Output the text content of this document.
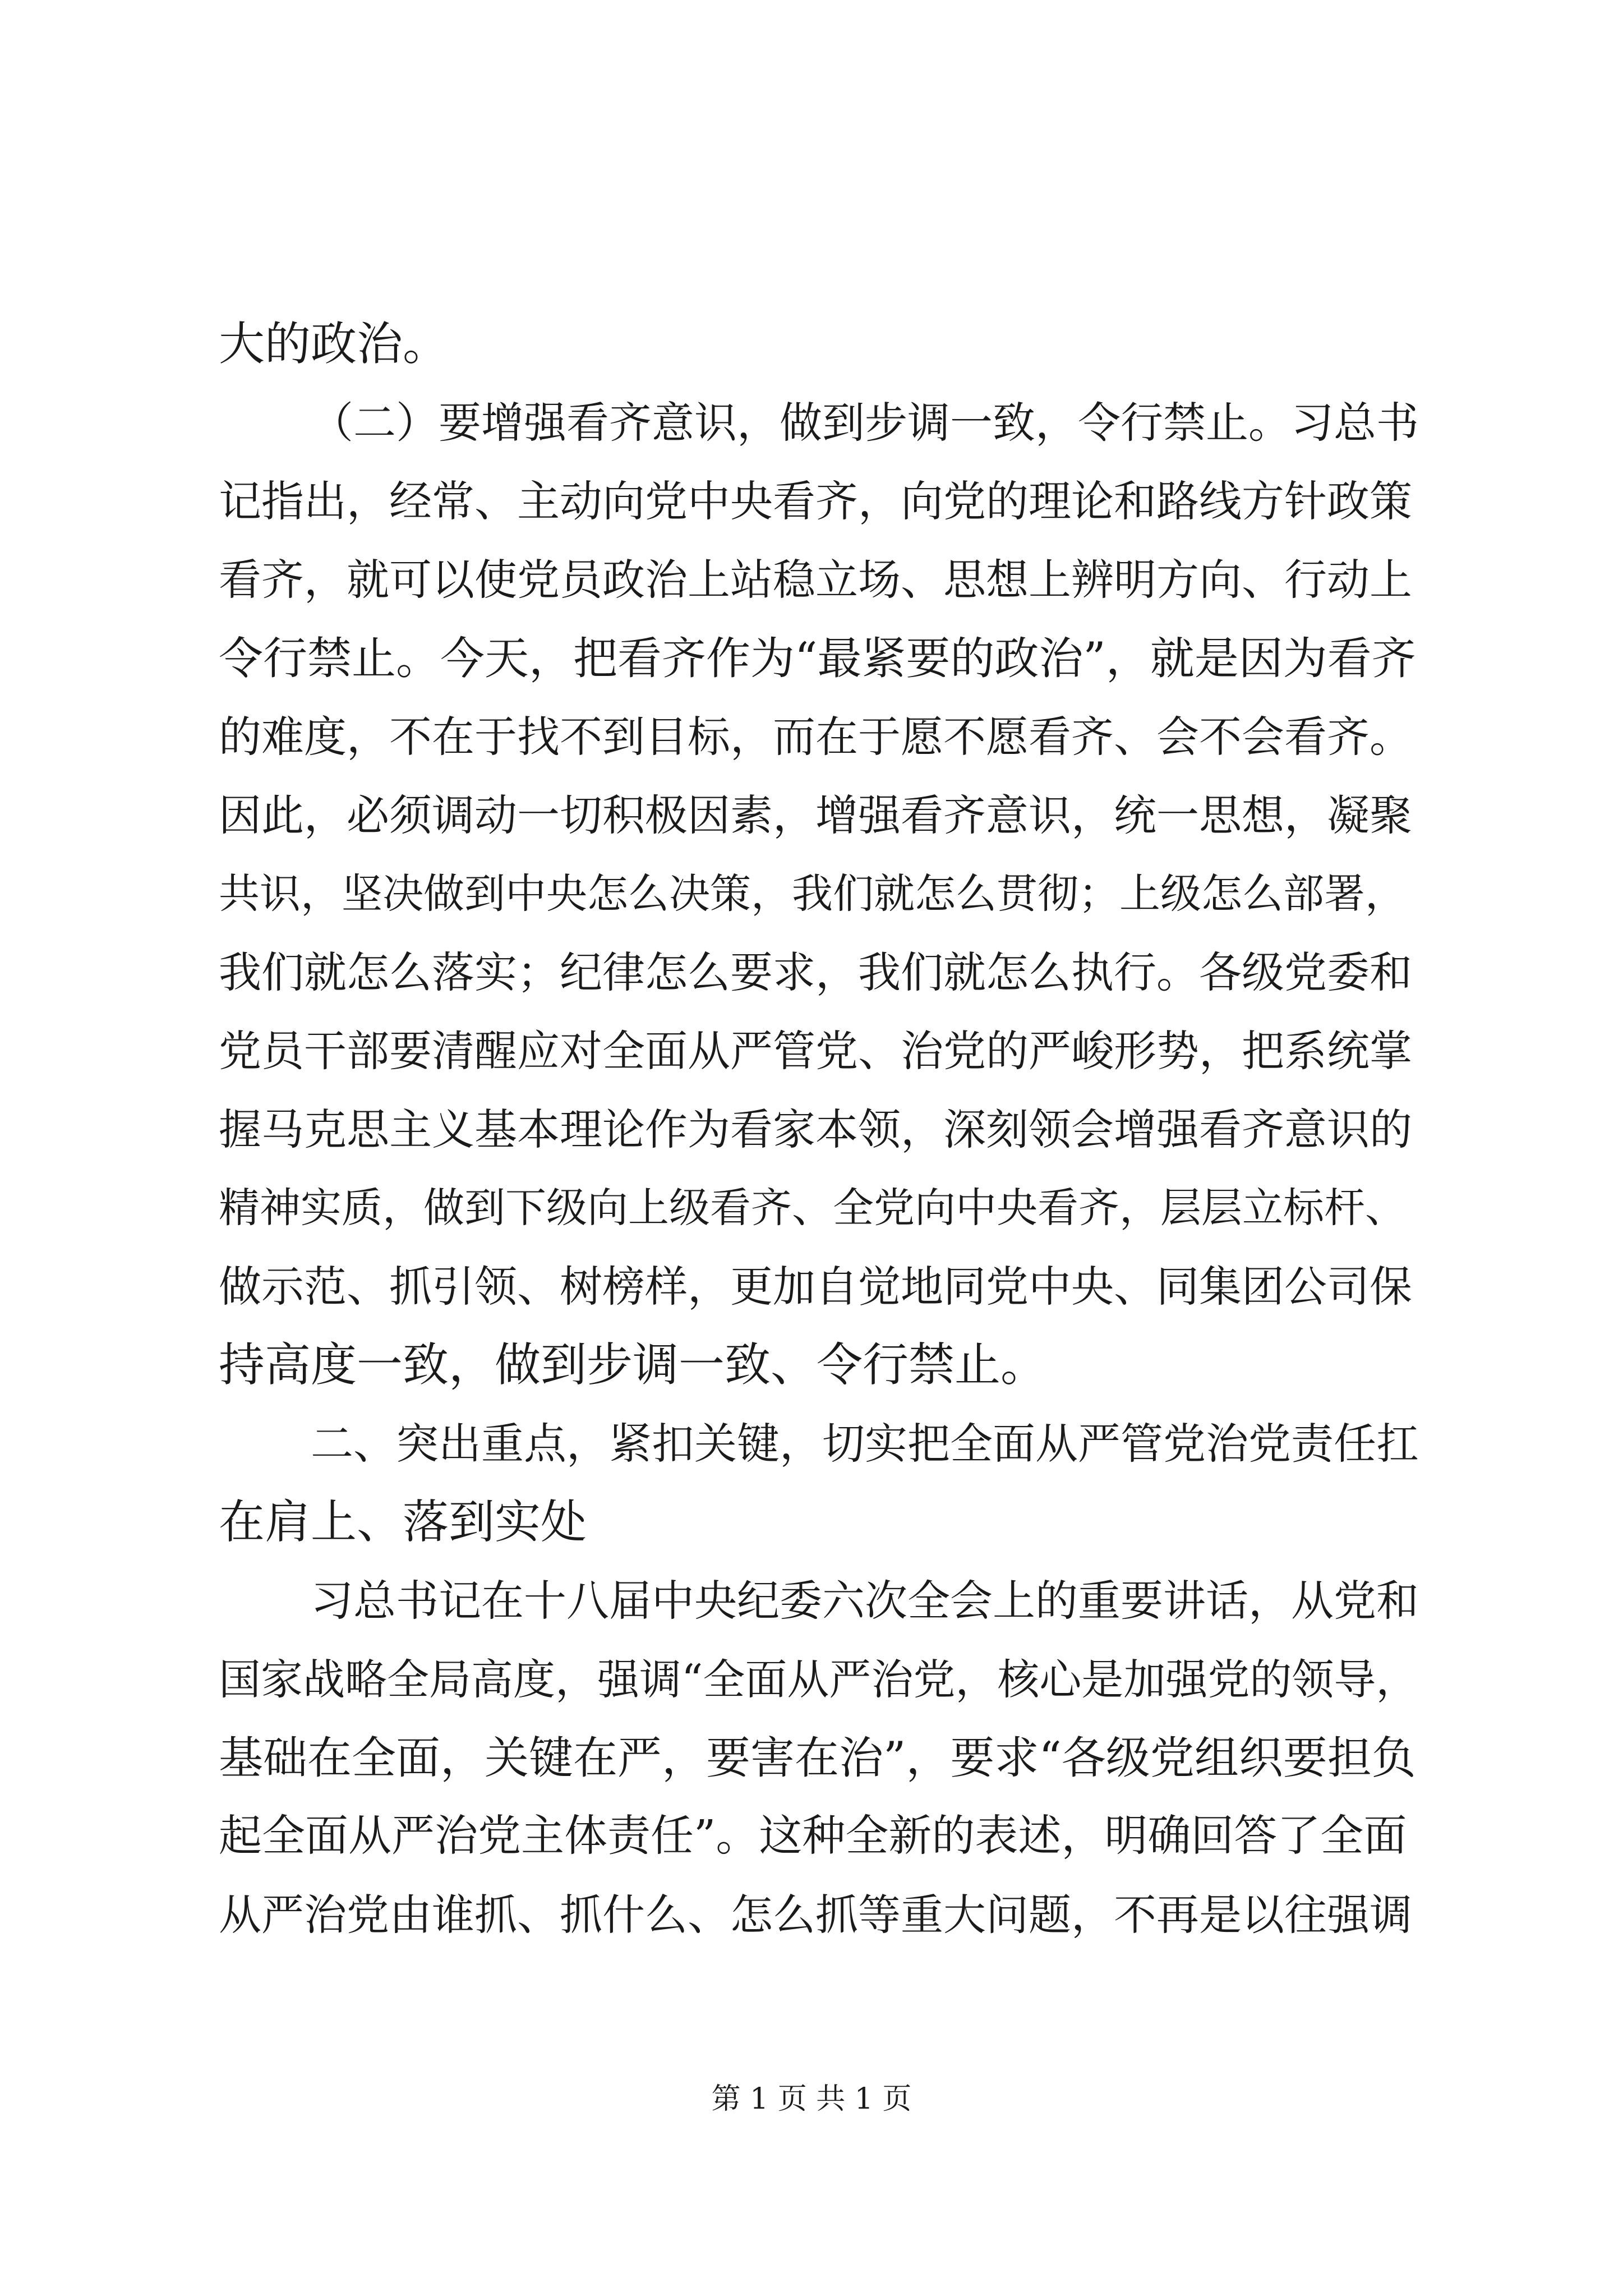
大的政治。
（二）要增强看齐意识，做到步调一致，令行禁止。习总书
记指出，经常、主动向党中央看齐，向党的理论和路线方针政策
看齐，就可以使党员政治上站稳立场、思想上辨明方向、行动上
令行禁止。今天，把看齐作为“最紧要的政治”，就是因为看齐
的难度，不在于找不到目标，而在于愿不愿看齐、会不会看齐。
因此，必须调动一切积极因素，增强看齐意识，统一思想，凝聚
共识，坚决做到中央怎么决策，我们就怎么贯彻；上级怎么部署，
我们就怎么落实；纪律怎么要求，我们就怎么执行。各级党委和
党员干部要清醒应对全面从严管党、治党的严峻形势，把系统掌
握马克思主义基本理论作为看家本领，深刻领会增强看齐意识的
精神实质，做到下级向上级看齐、全党向中央看齐，层层立标杆、
做示范、抓引领、树榜样，更加自觉地同党中央、同集团公司保
持高度一致，做到步调一致、令行禁止。
二、突出重点，紧扣关键，切实把全面从严管党治党责任扛
在肩上、落到实处
习总书记在十八届中央纪委六次全会上的重要讲话，从党和
国家战略全局高度，强调“全面从严治党，核心是加强党的领导，
基础在全面，关键在严，要害在治”，要求“各级党组织要担负
起全面从严治党主体责任”。这种全新的表述，明确回答了全面
从严治党由谁抓、抓什么、怎么抓等重大问题，不再是以往强调
第 1 页 共 1 页
